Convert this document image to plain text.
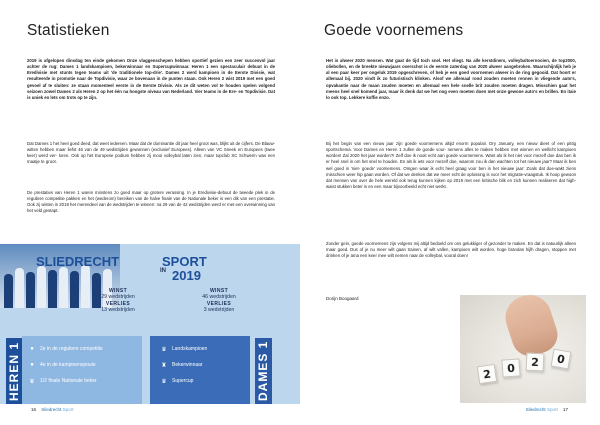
Statistieken

2019 is afgelopen dinsdag ten einde gekomen Onze vlaggenschepen hebben sportief gezien een zeer succesvol jaar achter de rug: Dames 1 landskampioen, bekerwinnaar en Supercupwinnaar. Heren 1 een spectaculair debuut in de Eredivisie met stunts tegen teams uit 'de traditionele top-drie'. Dames 2 werd kampioen in de Eerste Divisie, wat resulteerde in promotie naar de Topdivisie, waar ze bovenaan in de punten staan. Ook Heren 2 wist 2019 met een goed gevoel af te sluiten: ze staan momenteel eerste in de Eerste Divisie. Als ze dit weten vol te houden spelen volgend seizoen zowel Dames 2 als Heren 2 op het één na hoogste niveau van Nederland. Vier teams in de Ere- en Topdivisie. Dat is uniek en lets om trots op te zijn.

Dat Dames 1 het heel goed deed, dat weet iedereen. Maar dat de dominantie dit jaar heel groot was, blijkt uit de cijfers. De Blauw-witten hebben maar liefst 46 van de 49 wedstrijden gewonnen (exclusief Europees). Alleen van VC Sneek en Europees (twee keer) werd ver- loren. Ook op het Europese podium hebben zij mooi volleybal laten zien, maar topclub SC Schwerin was een maatje te groot.

De prestaties van Heren 1 waren minstens zo goed maar op grotere verassing. In je Eredivisie-debuut de tweede plek in de reguliere competitie pakken en het (wederom) bereiken van de halve finale van de Nationale beker is een dik van een prestatie. Ook zij wisten in 2019 het merendeel van de wedstrijden te winnen: na 29 van de 42 wedstrijden werd er met een overwinning van het veld gestapt.

SLIEDRECHT	SPORT
IN 2019
WINST
29 wedstrijden
VERLIES
13 wedstrijden
WINST
46 wedstrijden
VERLIES
3 wedstrijden
HEREN 1	DAMES 1
●	2e in de reguliere competitie
●	4e in de kampioenspoule
♛ 1/2 finale Nationale beker
♛ Landskampioen
♜ Bekerwinnaar
♛ Supercup
16 Sliedrecht Sport
Goede voornemens

Het is alweer 2020 mensen. Wat gaat de tijd toch snel. Het vliegt. Na alle kerstdiners, volleybaltoernooien, de top2000, oliebollen, en de breekte nieuwjaars overschot is de eerste zaterdag van 2020 alweer aangebroken. Waarschijnlijk heb je al een paar keer per ongeluk 2019 opgeschreven, of heb je een goed voornemen alweer in de ring gegooid. Dat hoort er allemaal bij. 2020 vindt ik zo futuristisch klinken. Alsof we allemaal rond zouden moeten rennen in vliegende auto's, opvakantie naar de maan zouden moeten en allemaal een hele snelle brit zouden moeten dragen. Misschien gaat het meens heel snel komend jaar, maar ik denk dat we het nog even moeten doen met onze gewone auto's en brillen. En itaie lo ook top. Lekkere koffie enzo.

Bij het begin van een nieuw jaar zijn goede voornemens altijd enorm populair. Dry January, een nieuw dieet of een pittig sportschema. Voor Dames en Heren 1 zullen de goede voor- nemens alles te maken hebben met winnen en wellicht kampioen worden! Zal 2020 het jaar worden?! Zelf doe ik nooit echt aan goede voornemens. Want als ik het niet voor mezelf doe dan ben ik er heel snel in om het snel te houden. En als ik iets voor mezelf doe, waarom zou ik dan wachten tot het nieuwe jaar? Maar ik ben wel goed in 'niet- goede' voornemens. Omgen waar ik echt heel graag voor ben in het nieuwe jaar: Zoals dat doe-wakt ziens misschien weer hip gaan worden. Of dat we denken dat we meer echt de oplossing is voor het migratie-vraagstuk. Ik hoop gewoon dat mensen van over de hele wereld ook terug kunnen kijken op 2019 met een kritische blik en zich kunnen realiseren dat high-waist stukken beter is en een maar bijvoorbeeld echt niet werkt.

Zonder gein, goede voornemens zijn volgens mij altijd bedoeld om ons gelukkiger of gezonder te maken. En dat is natuurlijk alleen maar goed. Dus of je nu meer wilt gaan trainen, af wilt vallen, kampioen wilt worden, hoge brandan hijlh dragen, stoppen met drinken of je ama een keer mee wilt nemen naar de volleybal, vooral doen!

Dorijn Boogaard

2	0	2	0
Sliedrecht Sport 17
